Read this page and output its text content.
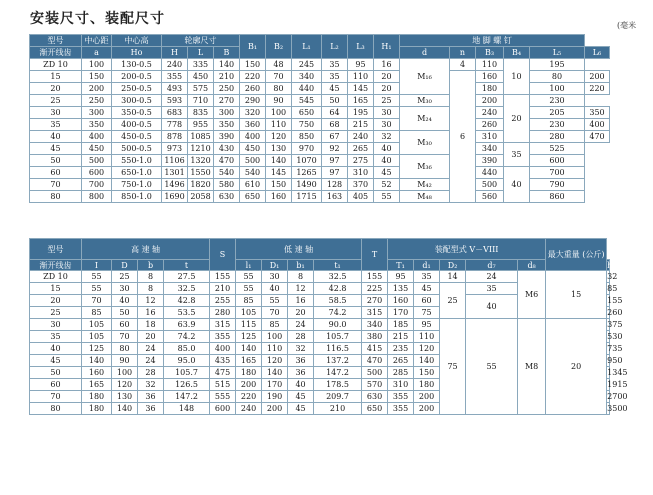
安装尺寸、装配尺寸	(毫米
型号	中心距	中心高	轮廓尺寸			B₁	B₂	L₁	L₂	L₃	H₁	地 脚 螺 钉					
渐开线齿	a	Ho	H	L	B							d	n	B₃	B₄	L₅	L₆
ZD 10	100	130-0.5	240	335	140	150	48	245	35	95	16	M₁₆	4	110	10	195	
15	150	200-0.5	355	450	210	220	70	340	35	110	20		6	160		80	200
20	200	250-0.5	493	575	250	260	80	440	45	145	20			180		100	220
25	250	300-0.5	593	710	270	290	90	545	50	165	25	M₃₀		200	20	230	
30	300	350-0.5	683	835	300	320	100	650	64	195	30	M₂₄		240		205	350
35	350	400-0.5	778	955	350	360	110	750	68	215	30			260		230	400
40	400	450-0.5	878	1085	390	400	120	850	67	240	32	M₃₀		310		280	470
45	450	500-0.5	973	1210	430	450	130	970	92	265	40			340	35	525	
50	500	550-1.0	1106	1320	470	500	140	1070	97	275	40	M₃₆		390		600	
60	600	650-1.0	1301	1550	540	540	145	1265	97	310	45			440	40	700	
70	700	750-1.0	1496	1820	580	610	150	1490	128	370	52	M₄₂		500		790	
80	800	850-1.0	1690	2058	630	650	160	1715	163	405	55	M₄₈		560		860	
型号	高 速 轴				S	低 速 轴				T	装配型式 V－VIII					最大重量 (公斤)	
渐开线齿	I	D	b	t		l₁	D₁	b₁	t₁		T₁	d₁	D₂	d₇	d₈		h₂
ZD 10	55	25	8	27.5	155	55	30	8	32.5	155	95	35	14	24	M6	15	32
15	55	30	8	32.5	210	55	40	12	42.8	225	135	45	25	35			85
20	70	40	12	42.8	255	85	55	16	58.5	270	160	60		40			155
25	85	50	16	53.5	280	105	70	20	74.2	315	170	75					260
30	105	60	18	63.9	315	115	85	24	90.0	340	185	95	75	55	M8	20	375
35	105	70	20	74.2	355	125	100	28	105.7	380	215	110					530
40	125	80	24	85.0	400	140	110	32	116.5	415	235	120					735
45	140	90	24	95.0	435	165	120	36	137.2	470	265	140					950
50	160	100	28	105.7	475	180	140	36	147.2	500	285	150					1345
60	165	120	32	126.5	515	200	170	40	178.5	570	310	180					1915
70	180	130	36	147.2	555	220	190	45	209.7	630	355	200					2700
80	180	140	36	148	600	240	200	45	210	650	355	200					3500
